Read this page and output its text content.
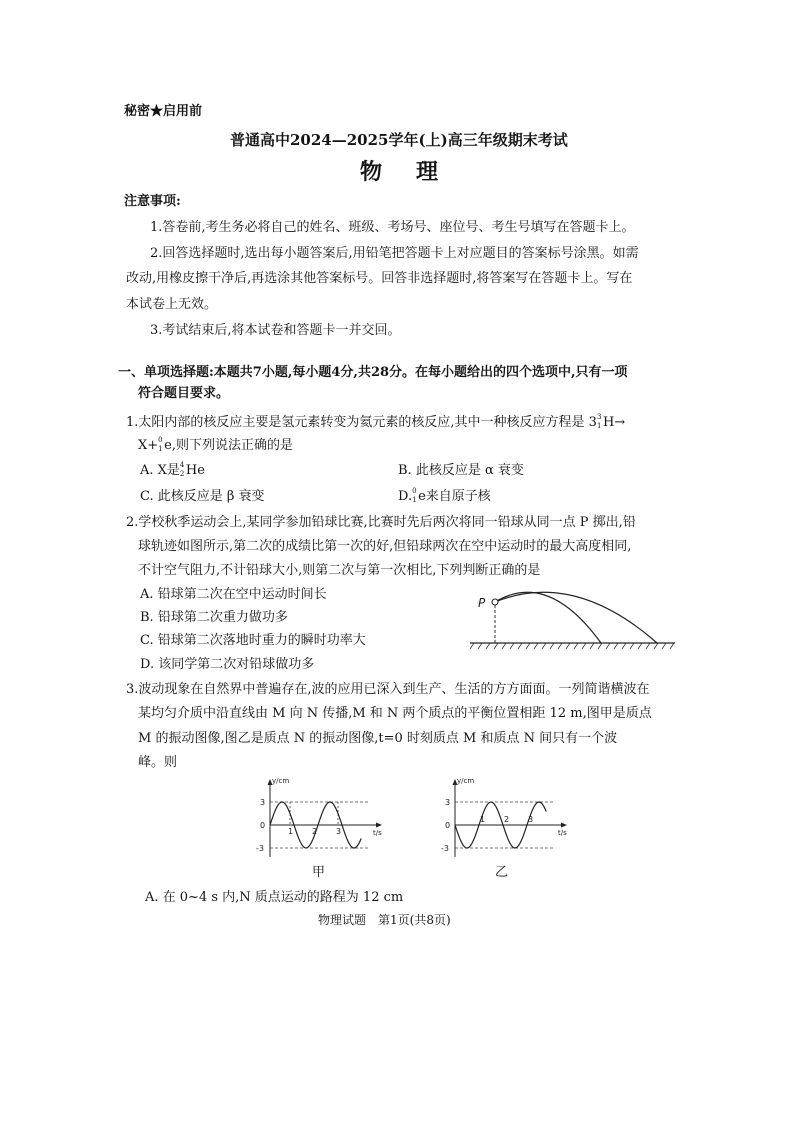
秘密★启用前
普通高中2024—2025学年(上)高三年级期末考试
物　理
注意事项:
1.答卷前,考生务必将自己的姓名、班级、考场号、座位号、考生号填写在答题卡上。
2.回答选择题时,选出每小题答案后,用铅笔把答题卡上对应题目的答案标号涂黑。如需
改动,用橡皮擦干净后,再选涂其他答案标号。回答非选择题时,将答案写在答题卡上。写在
本试卷上无效。
3.考试结束后,将本试卷和答题卡一并交回。
一、单项选择题:本题共7小题,每小题4分,共28分。在每小题给出的四个选项中,只有一项
符合题目要求。
1.太阳内部的核反应主要是氢元素转变为氦元素的核反应,其中一种核反应方程是 3 3
1 H→
X+ 0
1 e,则下列说法正确的是
A. X是 4
2 He	B. 此核反应是 α 衰变
C. 此核反应是 β 衰变	D. 0
1 e来自原子核
2.学校秋季运动会上,某同学参加铅球比赛,比赛时先后两次将同一铅球从同一点 P 掷出,铅
球轨迹如图所示,第二次的成绩比第一次的好,但铅球两次在空中运动时的最大高度相同,
不计空气阻力,不计铅球大小,则第二次与第一次相比,下列判断正确的是
A. 铅球第二次在空中运动时间长
B. 铅球第二次重力做功多
C. 铅球第二次落地时重力的瞬时功率大
D. 该同学第二次对铅球做功多
P
3.波动现象在自然界中普遍存在,波的应用已深入到生产、生活的方方面面。一列简谐横波在
某均匀介质中沿直线由 M 向 N 传播,M 和 N 两个质点的平衡位置相距 12 m,图甲是质点
M 的振动图像,图乙是质点 N 的振动图像,t=0 时刻质点 M 和质点 N 间只有一个波
峰。则
y/cm
t/s
3
0
-3
1 2 3
甲
y/cm
t/s
3
0
-3
1 2 3
乙
A. 在 0~4 s 内,N 质点运动的路程为 12 cm
物理试题　第1页(共8页)
